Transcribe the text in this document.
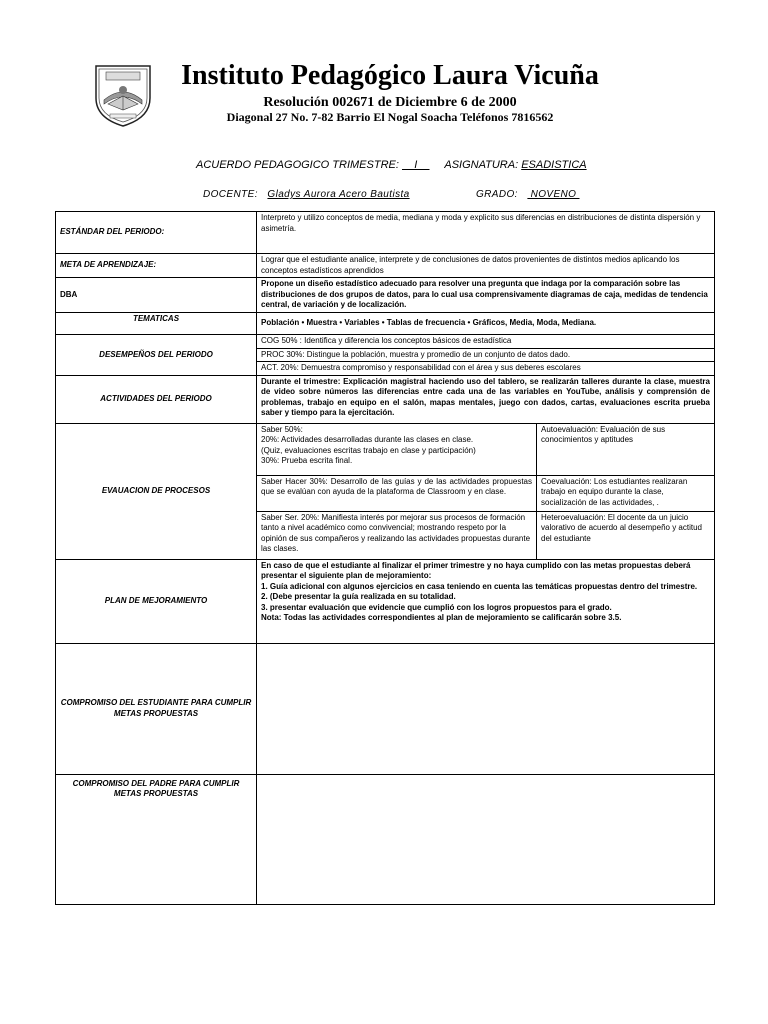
Instituto Pedagógico Laura Vicuña
Resolución 002671 de Diciembre 6 de 2000
Diagonal 27 No. 7-82 Barrio El Nogal Soacha Teléfonos 7816562
ACUERDO PEDAGOGICO TRIMESTRE:     I         ASIGNATURA: ESADISTICA
DOCENTE: Gladys Aurora Acero Bautista	GRADO:    NOVENO
ESTÁNDAR DEL PERIODO:	Interpreto y utilizo conceptos de media, mediana y moda y explicito sus diferencias en distribuciones de distinta dispersión y asimetría.	
META DE APRENDIZAJE:	Lograr que el estudiante analice, interprete y de conclusiones de datos provenientes de distintos medios aplicando los conceptos estadísticos aprendidos	
DBA	Propone un diseño estadístico adecuado para resolver una pregunta que indaga por la comparación sobre las distribuciones de dos grupos de datos, para lo cual usa comprensivamente diagramas de caja, medidas de tendencia central, de variación y de localización.	
TEMATICAS	Población • Muestra • Variables • Tablas de frecuencia • Gráficos, Media, Moda, Mediana.	
DESEMPEÑOS DEL PERIODO	COG 50% : Identifica y diferencia los conceptos básicos de estadística	
	PROC 30%: Distingue la población, muestra y promedio de un conjunto de datos dado.	
	ACT. 20%: Demuestra compromiso y responsabilidad con el área y sus deberes escolares	
ACTIVIDADES DEL PERIODO	Durante el trimestre: Explicación magistral haciendo uso del tablero, se realizarán talleres durante la clase, muestra de video sobre números las diferencias entre cada una de las variables en YouTube, análisis y comprensión de problemas, trabajo en equipo en el salón, mapas mentales, juego con dados, cartas, evaluaciones escrita prueba saber y tiempo para la ejercitación.	
EVAUACION DE PROCESOS	Saber 50%:
20%: Actividades desarrolladas durante las clases en clase.
(Quiz, evaluaciones escritas trabajo en clase y participación)
30%: Prueba escrita final.	Autoevaluación: Evaluación de sus conocimientos y aptitudes
	Saber Hacer 30%: Desarrollo de las guías y de las actividades propuestas que se evalúan con ayuda de la plataforma de Classroom y en clase.	Coevaluación: Los estudiantes realizaran trabajo en equipo durante la clase, socialización de las actividades, .
	Saber Ser. 20%: Manifiesta interés por mejorar sus procesos de formación tanto a nivel académico como convivencial; mostrando respeto por la opinión de sus compañeros y realizando las actividades propuestas durante las clases.	Heteroevaluación: El docente da un juicio valorativo de acuerdo al desempeño y actitud del estudiante
PLAN DE MEJORAMIENTO	En caso de que el estudiante al finalizar el primer trimestre y no haya cumplido con las metas propuestas deberá presentar el siguiente plan de mejoramiento:
1. Guía adicional con algunos ejercicios en casa teniendo en cuenta las temáticas propuestas dentro del trimestre.
2. (Debe presentar la guía realizada en su totalidad.
3. presentar evaluación que evidencie que cumplió con los logros propuestos para el grado.
Nota: Todas las actividades correspondientes al plan de mejoramiento se calificarán sobre 3.5.	

COMPROMISO DEL ESTUDIANTE PARA CUMPLIR METAS PROPUESTAS		
COMPROMISO DEL PADRE PARA CUMPLIR METAS PROPUESTAS		
